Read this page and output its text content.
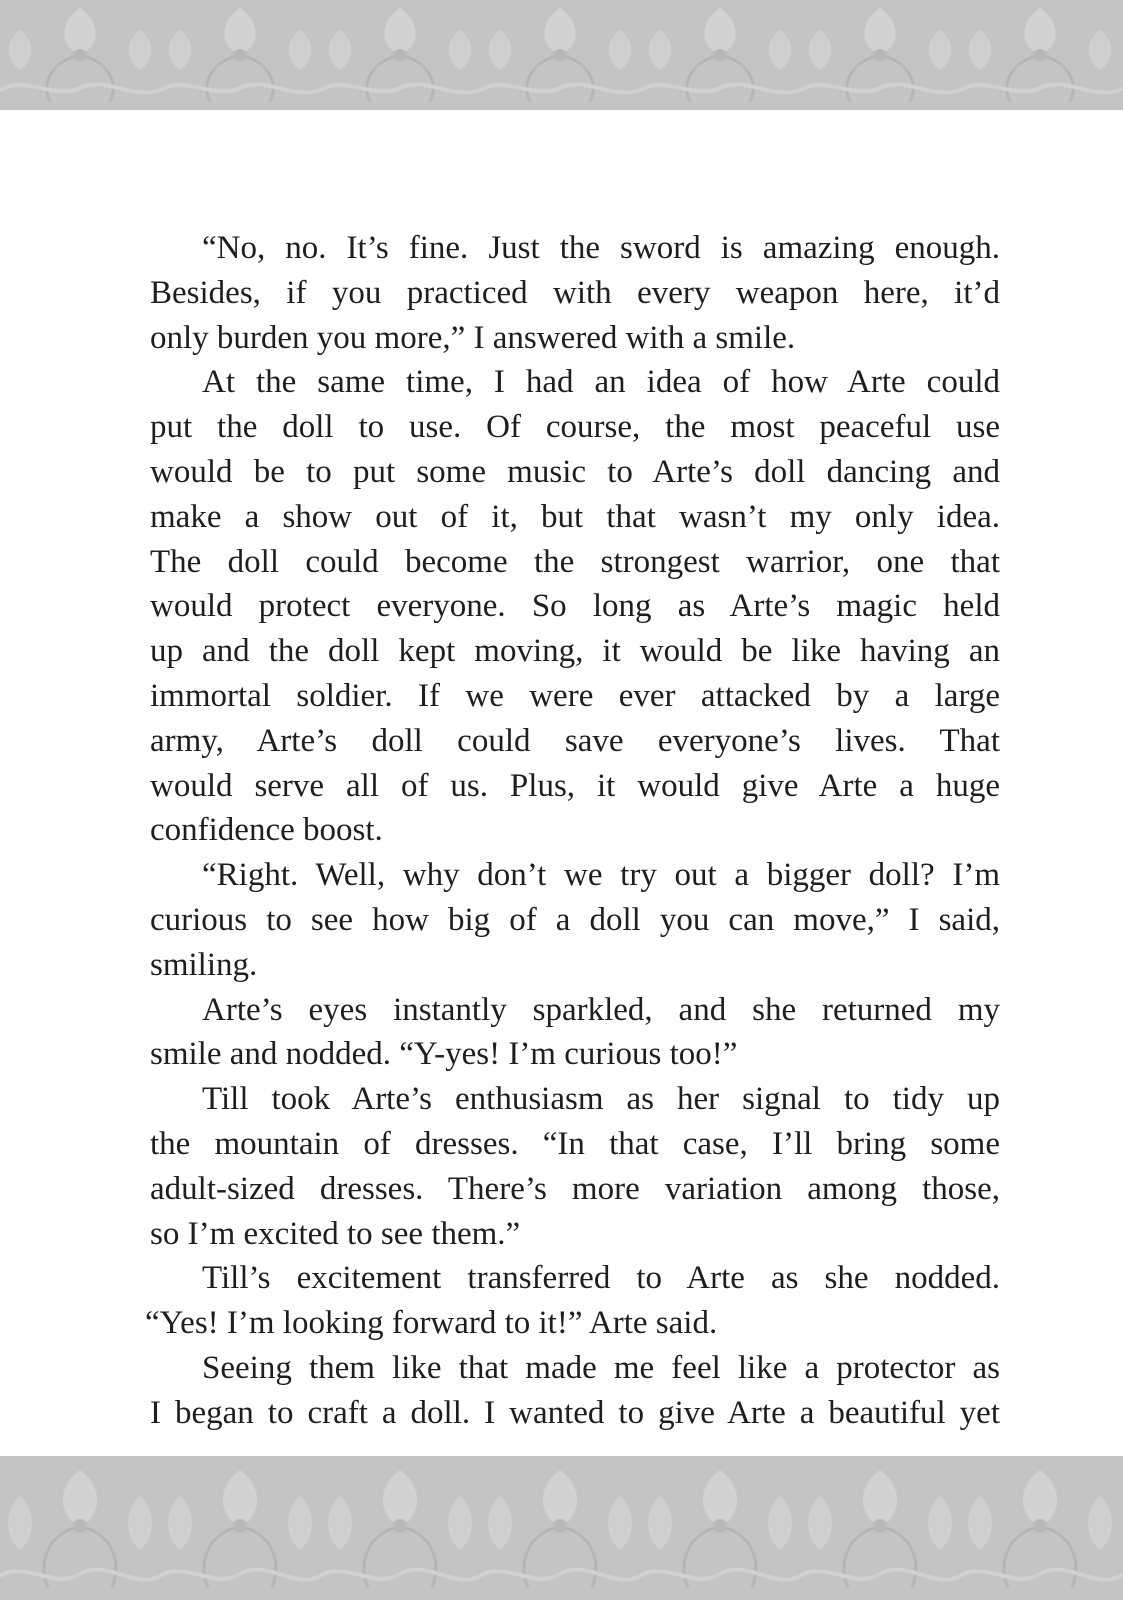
“No, no. It’s fine. Just the sword is amazing enough.
Besides, if you practiced with every weapon here, it’d
only burden you more,” I answered with a smile.
At the same time, I had an idea of how Arte could
put the doll to use. Of course, the most peaceful use
would be to put some music to Arte’s doll dancing and
make a show out of it, but that wasn’t my only idea.
The doll could become the strongest warrior, one that
would protect everyone. So long as Arte’s magic held
up and the doll kept moving, it would be like having an
immortal soldier. If we were ever attacked by a large
army, Arte’s doll could save everyone’s lives. That
would serve all of us. Plus, it would give Arte a huge
confidence boost.
“Right. Well, why don’t we try out a bigger doll? I’m
curious to see how big of a doll you can move,” I said,
smiling.
Arte’s eyes instantly sparkled, and she returned my
smile and nodded. “Y-yes! I’m curious too!”
Till took Arte’s enthusiasm as her signal to tidy up
the mountain of dresses. “In that case, I’ll bring some
adult-sized dresses. There’s more variation among those,
so I’m excited to see them.”
Till’s excitement transferred to Arte as she nodded.
“Yes! I’m looking forward to it!” Arte said.
Seeing them like that made me feel like a protector as
I began to craft a doll. I wanted to give Arte a beautiful yet
